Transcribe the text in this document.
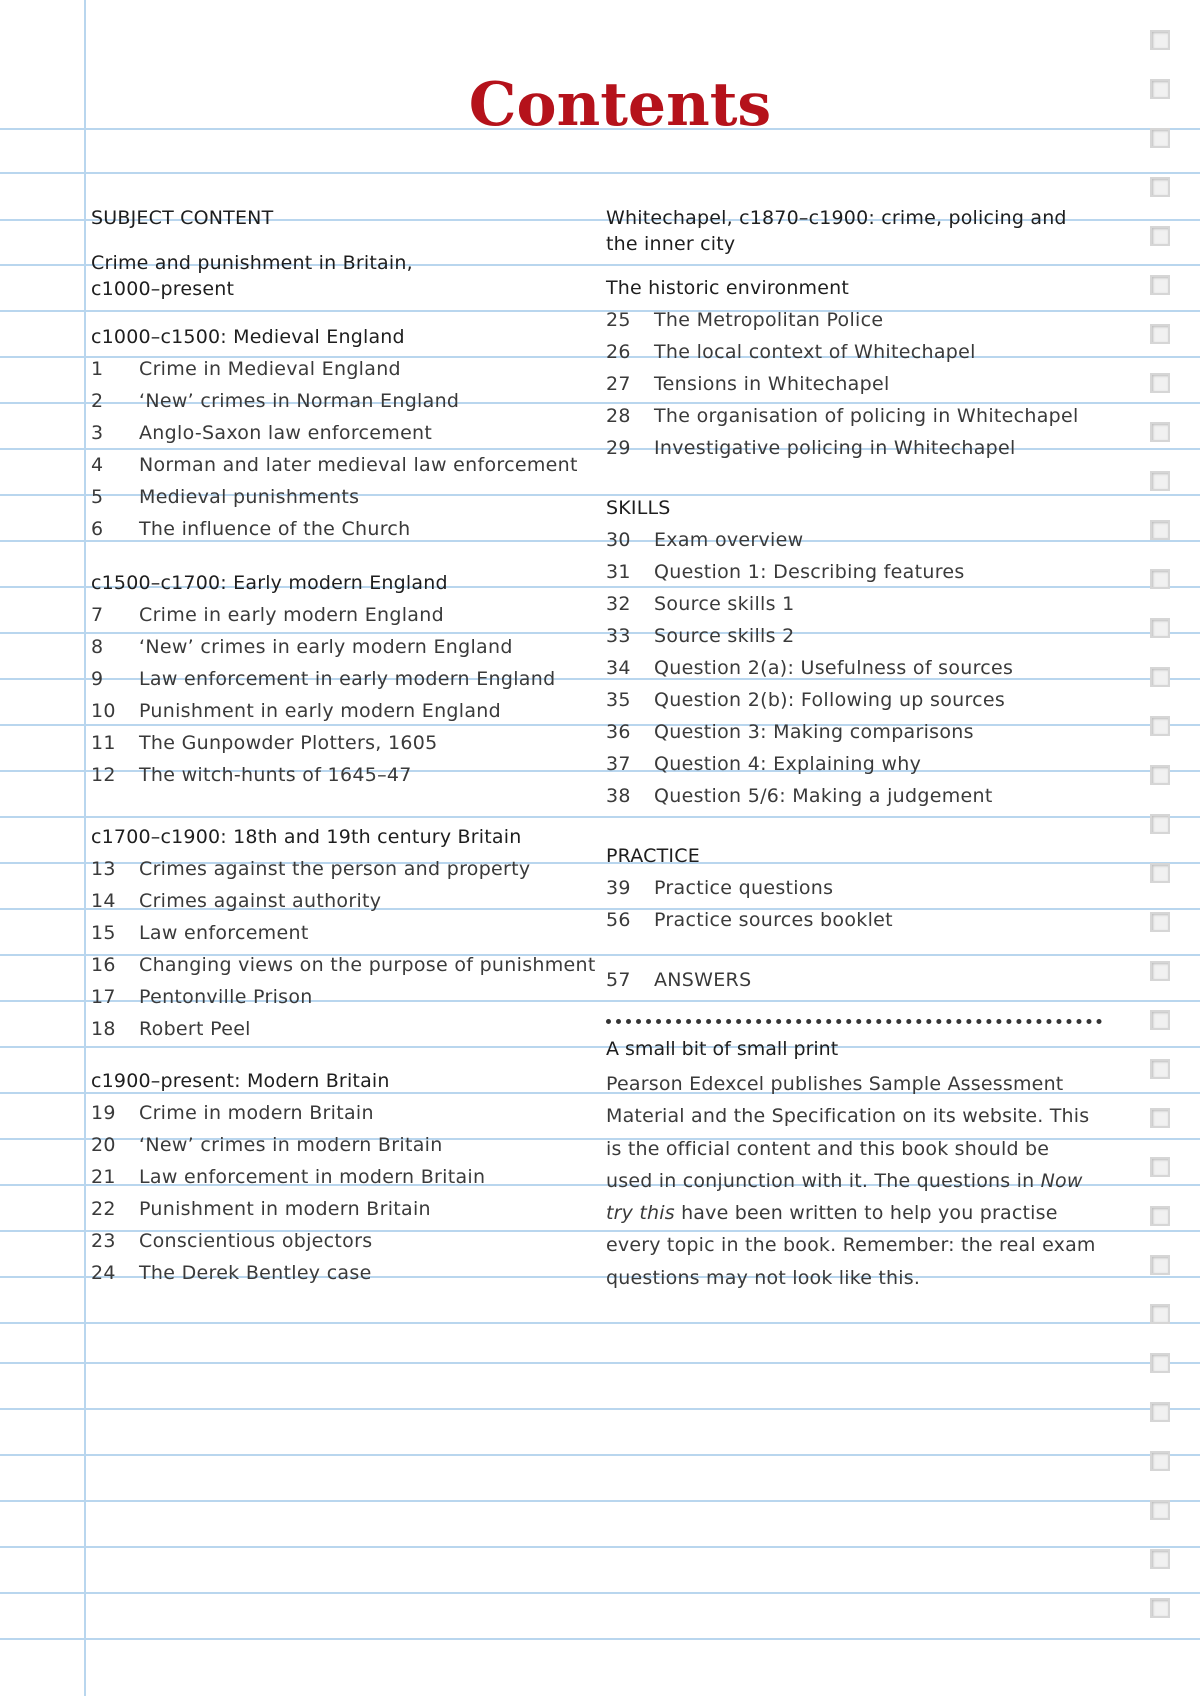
Contents
SUBJECT CONTENT
Crime and punishment in Britain,
c1000–present
c1000–c1500: Medieval England
1	Crime in Medieval England
2	‘New’ crimes in Norman England
3	Anglo-Saxon law enforcement
4	Norman and later medieval law enforcement
5	Medieval punishments
6	The influence of the Church
c1500–c1700: Early modern England
7	Crime in early modern England
8	‘New’ crimes in early modern England
9	Law enforcement in early modern England
10	Punishment in early modern England
11	The Gunpowder Plotters, 1605
12	The witch-hunts of 1645–47
c1700–c1900: 18th and 19th century Britain
13	Crimes against the person and property
14	Crimes against authority
15	Law enforcement
16	Changing views on the purpose of punishment
17	Pentonville Prison
18	Robert Peel
c1900–present: Modern Britain
19	Crime in modern Britain
20	‘New’ crimes in modern Britain
21	Law enforcement in modern Britain
22	Punishment in modern Britain
23	Conscientious objectors
24	The Derek Bentley case
Whitechapel, c1870–c1900: crime, policing and
the inner city
The historic environment
25	The Metropolitan Police
26	The local context of Whitechapel
27	Tensions in Whitechapel
28	The organisation of policing in Whitechapel
29	Investigative policing in Whitechapel
SKILLS
30	Exam overview
31	Question 1: Describing features
32	Source skills 1
33	Source skills 2
34	Question 2(a): Usefulness of sources
35	Question 2(b): Following up sources
36	Question 3: Making comparisons
37	Question 4: Explaining why
38	Question 5/6: Making a judgement
PRACTICE
39	Practice questions
56	Practice sources booklet
57	ANSWERS
A small bit of small print
Pearson Edexcel publishes Sample Assessment Material and the Specification on its website. This is the official content and this book should be used in conjunction with it. The questions in Now try this have been written to help you practise every topic in the book. Remember: the real exam questions may not look like this.
